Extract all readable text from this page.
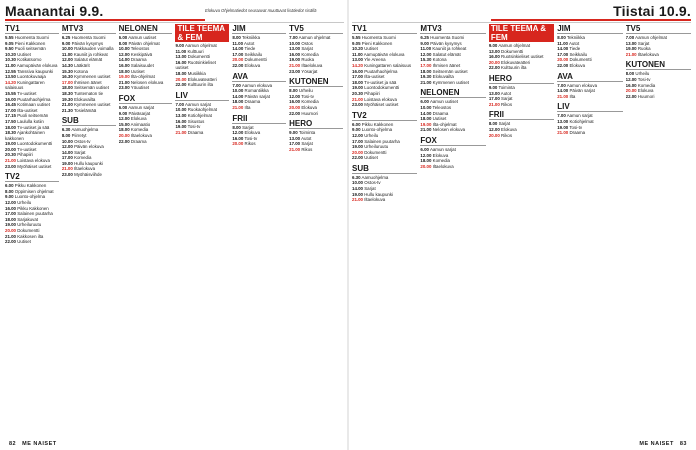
Maanantai 9.9.	Elokuva Ohjelmatiedot seuraavat muuttuvat lisätiedot sisällä
TV1

5.55 Huomenta Suomi

9.05 Pieni Kakkonen

9.50 Puoli seitsemän

10.20 Uutiset

10.30 Kotikatsomo

11.00 Aamupäivän elokuva

12.55 Tanssiva kaupunki

13.50 Luontokuvaaja

14.20 Kuningattaren salaisuus

15.55 Tv-uutiset

16.00 Puutarhaohjelma

16.45 Kotimaan uutiset

17.00 Ilta-uutiset

17.15 Puoli seitsemän

17.50 Laululla kotiin

18.00 Tv-uutiset ja sää

18.30 Ajankohtainen kakkonen

19.00 Luontodokumentti

20.00 Tv-uutiset

20.30 Pihapiiri

21.00 Loistava elokuva

23.00 Myöhäiset uutiset

TV2

6.00 Pikku Kakkonen

8.00 Oppimisen ohjelmat

9.00 Luonto-ohjelma

12.00 Urheilu

16.00 Pikku Kakkonen

17.00 Salainen puutarha

18.00 Sarjakuvat

19.00 Urheiluruutu

20.00 Dokumentti

21.00 Kakkosen ilta

22.00 Uutiset

MTV3

6.25 Huomenta Suomi

9.00 Päivän kysymys

10.00 Rakkauden voimalla

11.00 Kauniit ja rohkeat

12.00 Salatut elämät

14.30 Lääkärit

15.30 Kotona

16.30 Kymmenen uutiset

17.00 Ihmisen äänet

18.00 Seitsemän uutiset

18.30 Tuntematon tie

19.30 Elokuvailta

21.00 Kymmenen uutiset

21.30 Tosielämää

SUB

6.30 Aamuohjelma

8.00 Piirretyt

10.00 Ostos-tv

12.00 Päivän elokuva

14.00 Sarjat

17.00 Komedia

19.00 Hullu kaupunki

21.00 Iltaelokuva

23.00 Myöhäisviihde

NELONEN

6.00 Aamun uutiset

8.00 Päivän ohjelmat

10.00 Teleostos

12.00 Keskipäivä

14.00 Draama

16.00 Salaisuudet

18.00 Uutiset

19.00 Ilta-ohjelmat

21.00 Nelosen elokuva

23.00 Yöuutiset

FOX

6.00 Aamun sarjat

9.00 Päiväsarjat

12.00 Elokuva

15.00 Animaatio

18.00 Komedia

20.00 Iltaelokuva

22.00 Draama

TILE TEEMA & FEM

9.00 Aamun ohjelmat

11.00 Kulttuuri

13.00 Dokumentti

16.00 Ruotsinkieliset uutiset

18.00 Musiikkia

20.00 Elokuvateatteri

22.00 Kulttuurin ilta

LIV

7.00 Aamun sarjat

10.00 Ruokaohjelmat

13.00 Kotiohjelmat

16.00 Sisustus

19.00 Tosi-tv

21.00 Draama

JIM

8.00 Tekniikka

11.00 Autot

14.00 Tiede

17.00 Seikkailu

20.00 Dokumentti

22.00 Elokuva

AVA

7.00 Aamun elokuva

10.00 Romantiikka

14.00 Päivän sarjat

18.00 Draama

21.00 Ilta

FRII

8.00 Sarjat

12.00 Elokuva

16.00 Tosi-tv

20.00 Rikos

TV5

7.00 Aamun ohjelmat

10.00 Ostos

13.00 Sarjat

16.00 Komedia

19.00 Ruoka

21.00 Iltaelokuva

23.00 Yösarjat

KUTONEN

8.00 Urheilu

12.00 Tosi-tv

16.00 Komedia

20.00 Elokuva

22.00 Huumori

HERO

9.00 Toiminta

13.00 Autot

17.00 Sarjat

21.00 Rikos

82 ME NAISET
Tiistai 10.9.
TV1

5.55 Huomenta Suomi

9.05 Pieni Kakkonen

10.20 Uutiset

11.00 Aamupäivän elokuva

13.00 Yle Areena

14.20 Kuningattaren salaisuus

16.00 Puutarhaohjelma

17.00 Ilta-uutiset

18.00 Tv-uutiset ja sää

19.00 Luontodokumentti

20.30 Pihapiiri

21.00 Loistava elokuva

23.00 Myöhäiset uutiset

TV2

6.00 Pikku Kakkonen

9.00 Luonto-ohjelma

12.00 Urheilu

17.00 Salainen puutarha

19.00 Urheiluruutu

20.00 Dokumentti

22.00 Uutiset

SUB

6.30 Aamuohjelma

10.00 Ostos-tv

14.00 Sarjat

19.00 Hullu kaupunki

21.00 Iltaelokuva

MTV3

6.25 Huomenta Suomi

9.00 Päivän kysymys

11.00 Kauniit ja rohkeat

12.00 Salatut elämät

15.30 Kotona

17.00 Ihmisen äänet

18.00 Seitsemän uutiset

19.30 Elokuvailta

21.00 Kymmenen uutiset

NELONEN

6.00 Aamun uutiset

10.00 Teleostos

14.00 Draama

18.00 Uutiset

19.00 Ilta-ohjelmat

21.00 Nelosen elokuva

FOX

6.00 Aamun sarjat

12.00 Elokuva

18.00 Komedia

20.00 Iltaelokuva

TILE TEEMA & FEM

9.00 Aamun ohjelmat

13.00 Dokumentti

16.00 Ruotsinkieliset uutiset

20.00 Elokuvateatteri

22.00 Kulttuurin ilta

HERO

9.00 Toiminta

13.00 Autot

17.00 Sarjat

21.00 Rikos

FRII

8.00 Sarjat

12.00 Elokuva

20.00 Rikos

JIM

8.00 Tekniikka

11.00 Autot

14.00 Tiede

17.00 Seikkailu

20.00 Dokumentti

22.00 Elokuva

AVA

7.00 Aamun elokuva

14.00 Päivän sarjat

21.00 Ilta

LIV

7.00 Aamun sarjat

13.00 Kotiohjelmat

19.00 Tosi-tv

21.00 Draama

TV5

7.00 Aamun ohjelmat

13.00 Sarjat

19.00 Ruoka

21.00 Iltaelokuva

KUTONEN

8.00 Urheilu

12.00 Tosi-tv

16.00 Komedia

20.00 Elokuva

22.00 Huumori

ME NAISET 83
